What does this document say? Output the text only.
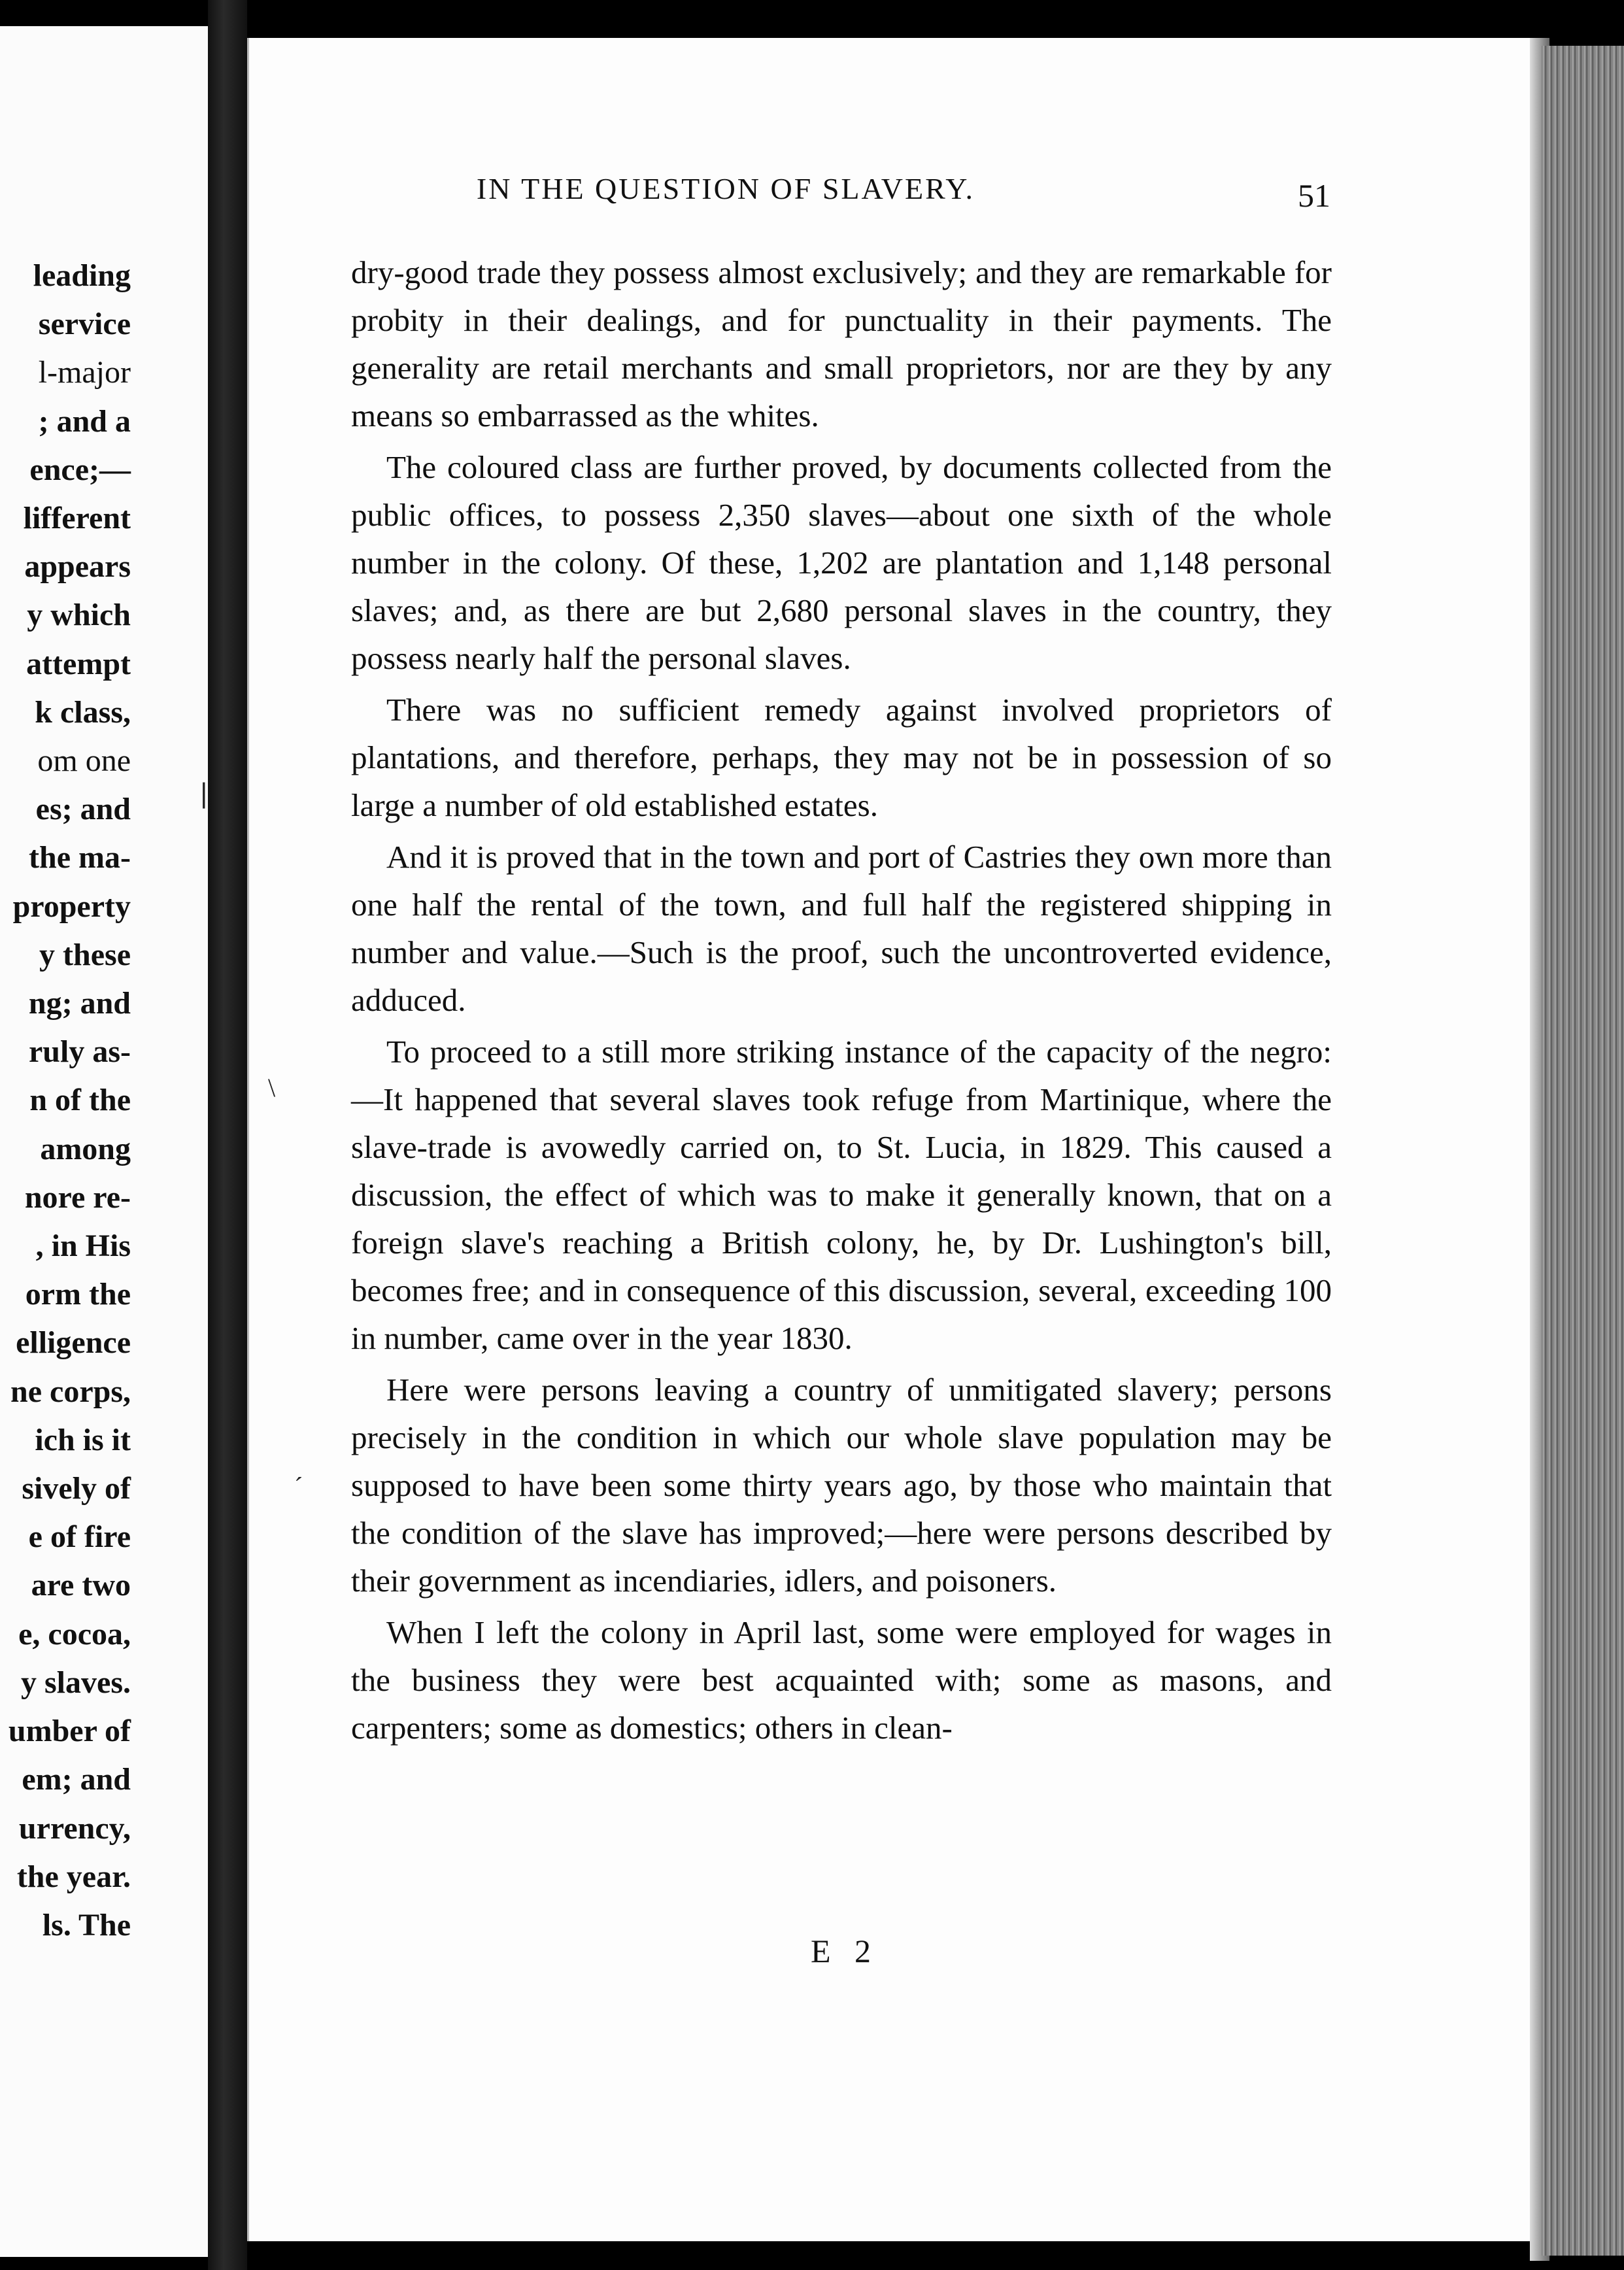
leading
service
l-major
; and a
ence;—
lifferent
appears
y which
attempt
k class,
om one
es; and
the ma-
property
y these
ng; and
ruly as-
n of the
among
nore re-
, in His
orm the
elligence
ne corps,
ich is it
sively of
e of fire
are two
e, cocoa,
y slaves.
umber of
em; and
urrency,
the year.
ls. The
IN THE QUESTION OF SLAVERY.	51

dry-good trade they possess almost exclusively; and they are remarkable for probity in their dealings, and for punctuality in their payments. The generality are retail merchants and small proprietors, nor are they by any means so embarrassed as the whites.

The coloured class are further proved, by documents collected from the public offices, to possess 2,350 slaves—about one sixth of the whole number in the colony. Of these, 1,202 are plantation and 1,148 personal slaves; and, as there are but 2,680 personal slaves in the country, they possess nearly half the personal slaves.

There was no sufficient remedy against involved proprietors of plantations, and therefore, perhaps, they may not be in possession of so large a number of old established estates.

And it is proved that in the town and port of Castries they own more than one half the rental of the town, and full half the registered shipping in number and value.—Such is the proof, such the uncontroverted evidence, adduced.

To proceed to a still more striking instance of the capacity of the negro:—It happened that several slaves took refuge from Martinique, where the slave-trade is avowedly carried on, to St. Lucia, in 1829. This caused a discussion, the effect of which was to make it generally known, that on a foreign slave's reaching a British colony, he, by Dr. Lushington's bill, becomes free; and in consequence of this discussion, several, exceeding 100 in number, came over in the year 1830.

Here were persons leaving a country of unmitigated slavery; persons precisely in the condition in which our whole slave population may be supposed to have been some thirty years ago, by those who maintain that the condition of the slave has improved;—here were persons described by their government as incendiaries, idlers, and poisoners.

When I left the colony in April last, some were employed for wages in the business they were best acquainted with; some as masons, and carpenters; some as domestics; others in clean-

E 2
❘
\
ˊ
